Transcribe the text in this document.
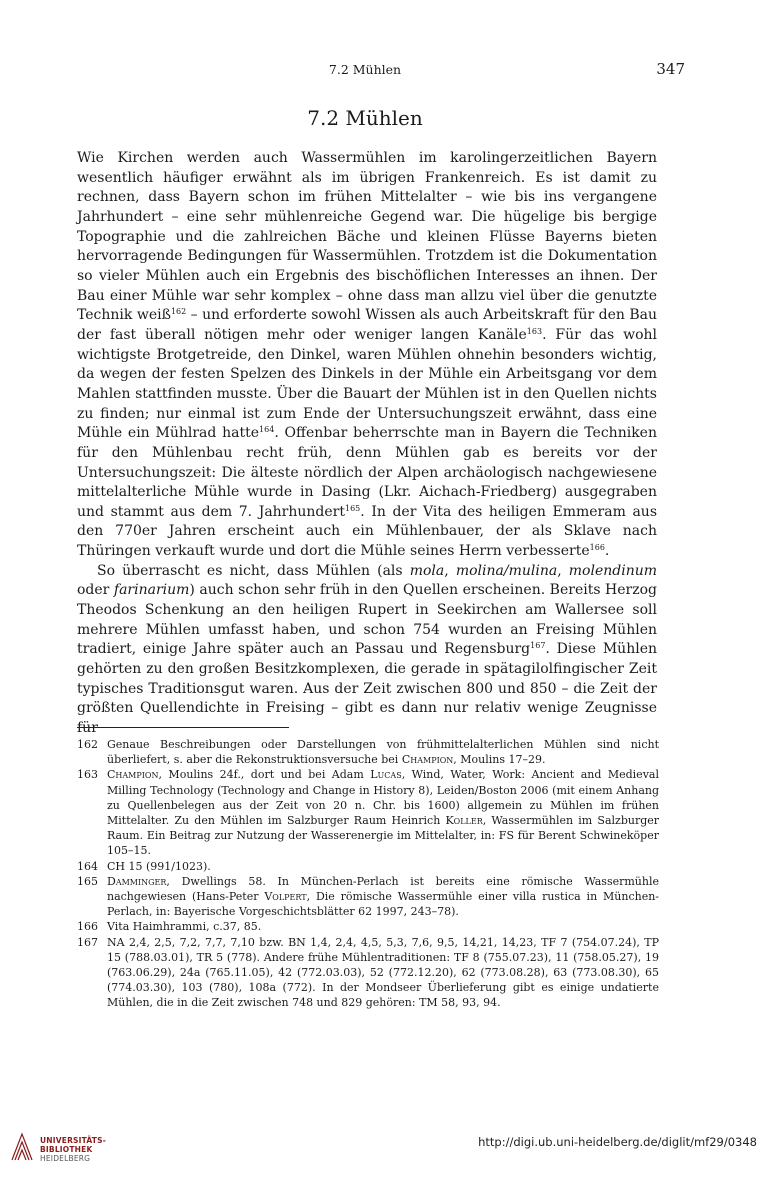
7.2 Mühlen	347
7.2 Mühlen

Wie Kirchen werden auch Wassermühlen im karolingerzeitlichen Bayern wesentlich häufiger erwähnt als im übrigen Frankenreich. Es ist damit zu rechnen, dass Bayern schon im frühen Mittelalter – wie bis ins vergangene Jahrhundert – eine sehr mühlenreiche Gegend war. Die hügelige bis bergige Topographie und die zahlreichen Bäche und kleinen Flüsse Bayerns bieten hervorragende Bedingungen für Wassermühlen. Trotzdem ist die Dokumentation so vieler Mühlen auch ein Ergebnis des bischöflichen Interesses an ihnen. Der Bau einer Mühle war sehr komplex – ohne dass man allzu viel über die genutzte Technik weiß$^{162}$ – und erforderte sowohl Wissen als auch Arbeitskraft für den Bau der fast überall nötigen mehr oder weniger langen Kanäle$^{163}$. Für das wohl wichtigste Brotgetreide, den Dinkel, waren Mühlen ohnehin besonders wichtig, da wegen der festen Spelzen des Dinkels in der Mühle ein Arbeitsgang vor dem Mahlen stattfinden musste. Über die Bauart der Mühlen ist in den Quellen nichts zu finden; nur einmal ist zum Ende der Untersuchungszeit erwähnt, dass eine Mühle ein Mühlrad hatte$^{164}$. Offenbar beherrschte man in Bayern die Techniken für den Mühlenbau recht früh, denn Mühlen gab es bereits vor der Untersuchungszeit: Die älteste nördlich der Alpen archäologisch nachgewiesene mittelalterliche Mühle wurde in Dasing (Lkr. Aichach-Friedberg) ausgegraben und stammt aus dem 7. Jahrhundert$^{165}$. In der Vita des heiligen Emmeram aus den 770er Jahren erscheint auch ein Mühlenbauer, der als Sklave nach Thüringen verkauft wurde und dort die Mühle seines Herrn verbesserte$^{166}$.

So überrascht es nicht, dass Mühlen (als mola, molina/mulina, molendinum oder farinarium) auch schon sehr früh in den Quellen erscheinen. Bereits Herzog Theodos Schenkung an den heiligen Rupert in Seekirchen am Wallersee soll mehrere Mühlen umfasst haben, und schon 754 wurden an Freising Mühlen tradiert, einige Jahre später auch an Passau und Regensburg$^{167}$. Diese Mühlen gehörten zu den großen Besitzkomplexen, die gerade in spätagilolfingischer Zeit typisches Traditionsgut waren. Aus der Zeit zwischen 800 und 850 – die Zeit der größten Quellendichte in Freising – gibt es dann nur relativ wenige Zeugnisse für

162 Genaue Beschreibungen oder Darstellungen von frühmittelalterlichen Mühlen sind nicht überliefert, s. aber die Rekonstruktionsversuche bei Champion, Moulins 17–29.
163 Champion, Moulins 24f., dort und bei Adam Lucas, Wind, Water, Work: Ancient and Medieval Milling Technology (Technology and Change in History 8), Leiden/Boston 2006 (mit einem Anhang zu Quellenbelegen aus der Zeit von 20 n. Chr. bis 1600) allgemein zu Mühlen im frühen Mittelalter. Zu den Mühlen im Salzburger Raum Heinrich Koller, Wassermühlen im Salzburger Raum. Ein Beitrag zur Nutzung der Wasserenergie im Mittelalter, in: FS für Berent Schwineköper 105–15.
164 CH 15 (991/1023).
165 Damminger, Dwellings 58. In München-Perlach ist bereits eine römische Wassermühle nachgewiesen (Hans-Peter Volpert, Die römische Wassermühle einer villa rustica in München-Perlach, in: Bayerische Vorgeschichtsblätter 62 1997, 243–78).
166 Vita Haimhrammi, c.37, 85.
167 NA 2,4, 2,5, 7,2, 7,7, 7,10 bzw. BN 1,4, 2,4, 4,5, 5,3, 7,6, 9,5, 14,21, 14,23, TF 7 (754.07.24), TP 15 (788.03.01), TR 5 (778). Andere frühe Mühlentraditionen: TF 8 (755.07.23), 11 (758.05.27), 19 (763.06.29), 24a (765.11.05), 42 (772.03.03), 52 (772.12.20), 62 (773.08.28), 63 (773.08.30), 65 (774.03.30), 103 (780), 108a (772). In der Mondseer Überlieferung gibt es einige undatierte Mühlen, die in die Zeit zwischen 748 und 829 gehören: TM 58, 93, 94.
UNIVERSITÄTS-
BIBLIOTHEK
HEIDELBERG
http://digi.ub.uni-heidelberg.de/diglit/mf29/0348
